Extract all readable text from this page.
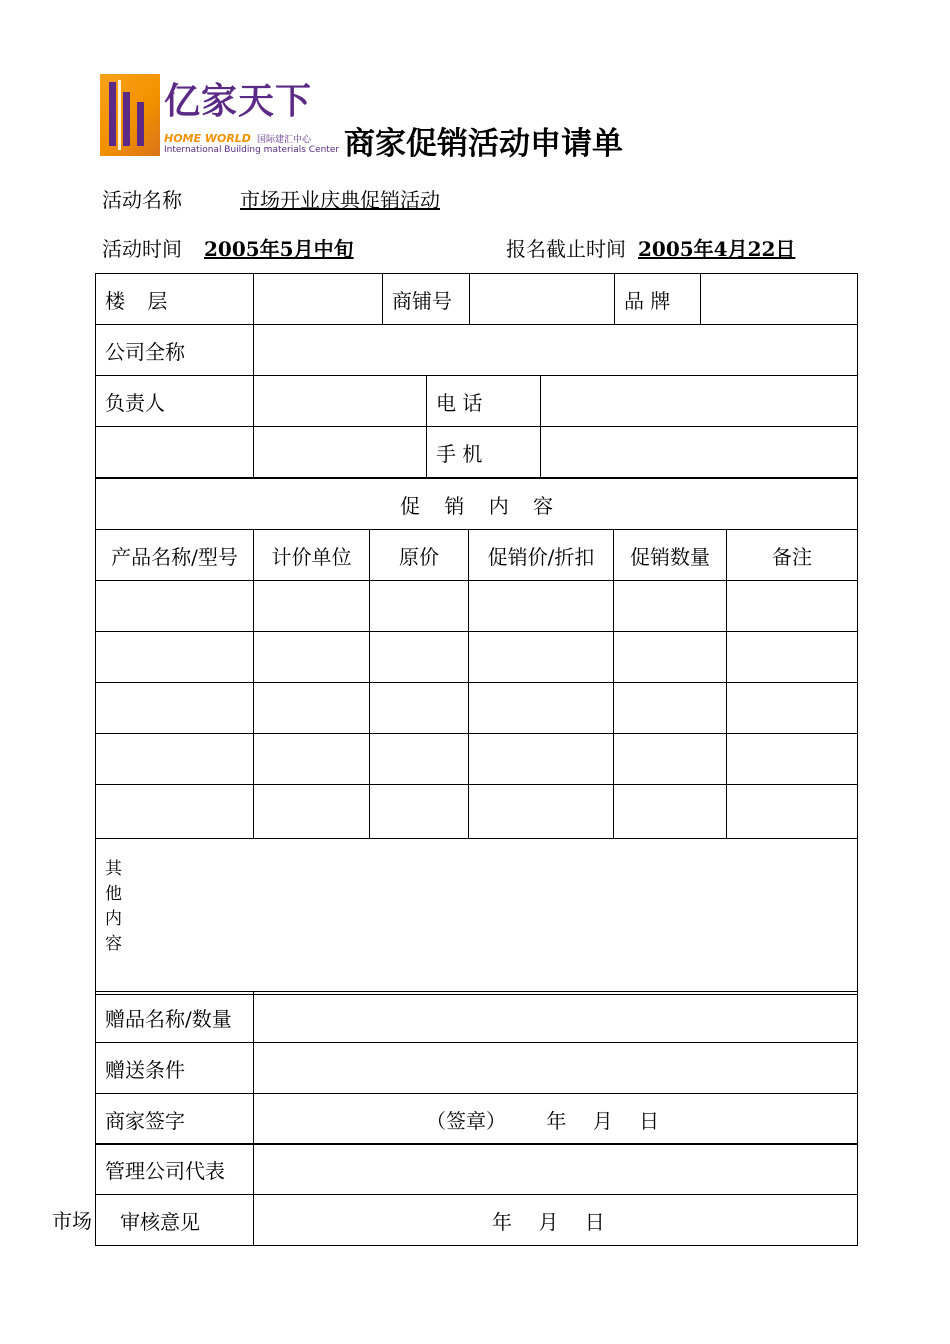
亿家天下
HOME WORLD 国际建汇中心
International Building materials Center 商家促销活动申请单
活动名称	市场开业庆典促销活动
活动时间 2005年5月中旬	报名截止时间 2005年4月22日
楼 层		商铺号		品 牌	
公司全称					
负责人		电 话	
		手 机	
促 销 内 容					
产品名称/型号	计价单位	原价	促销价/折扣	促销数量	备注

其他内容					
赠品名称/数量	
赠送条件	
商家签字	（签章） 年 月 日
管理公司代表	
审核意见	年 月 日
市场
